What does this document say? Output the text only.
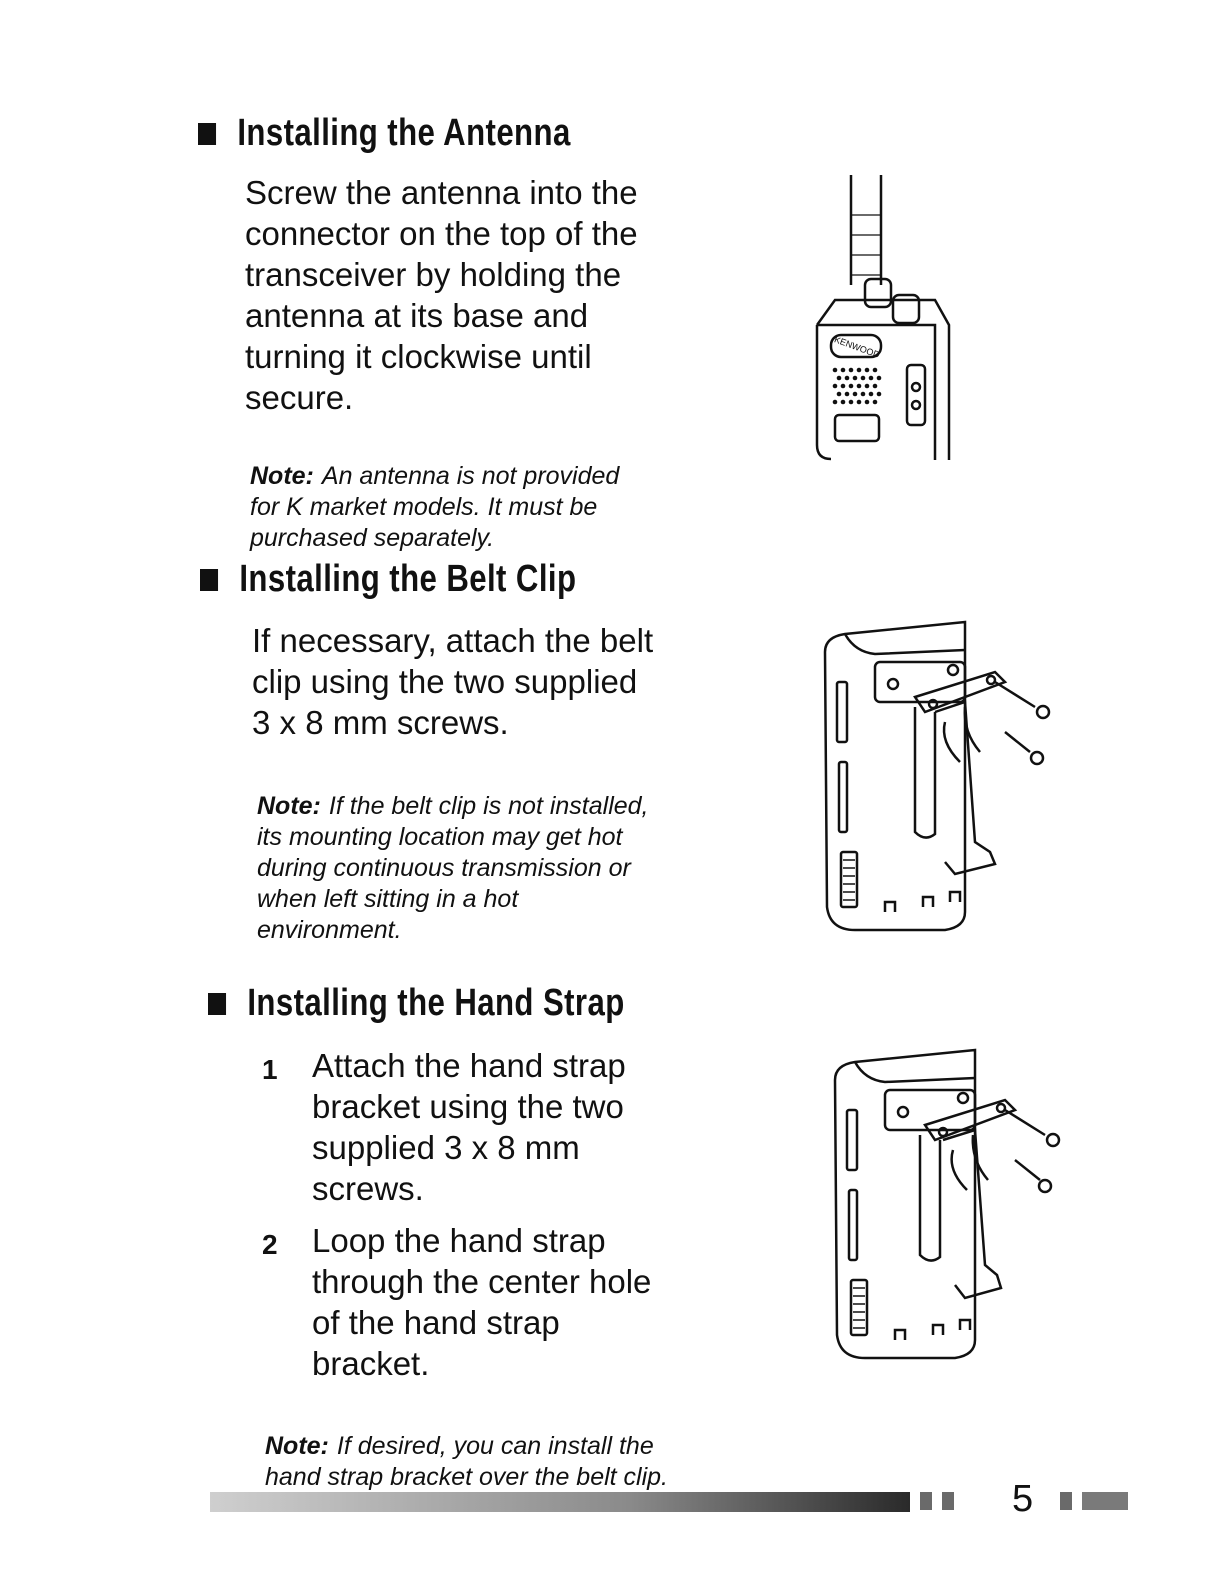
Installing the Antenna
Screw the antenna into the
connector on the top of the
transceiver by holding the
antenna at its base and
turning it clockwise until
secure.

Note: An antenna is not provided
for K market models. It must be
purchased separately.

KENWOOD
Installing the Belt Clip
If necessary, attach the belt
clip using the two supplied
3 x 8 mm screws.

Note: If the belt clip is not installed,
its mounting location may get hot
during continuous transmission or
when left sitting in a hot
environment.

Installing the Hand Strap
1 Attach the hand strap
bracket using the two
supplied 3 x 8 mm
screws.
2 Loop the hand strap
through the center hole
of the hand strap
bracket.

Note: If desired, you can install the
hand strap bracket over the belt clip.

5
